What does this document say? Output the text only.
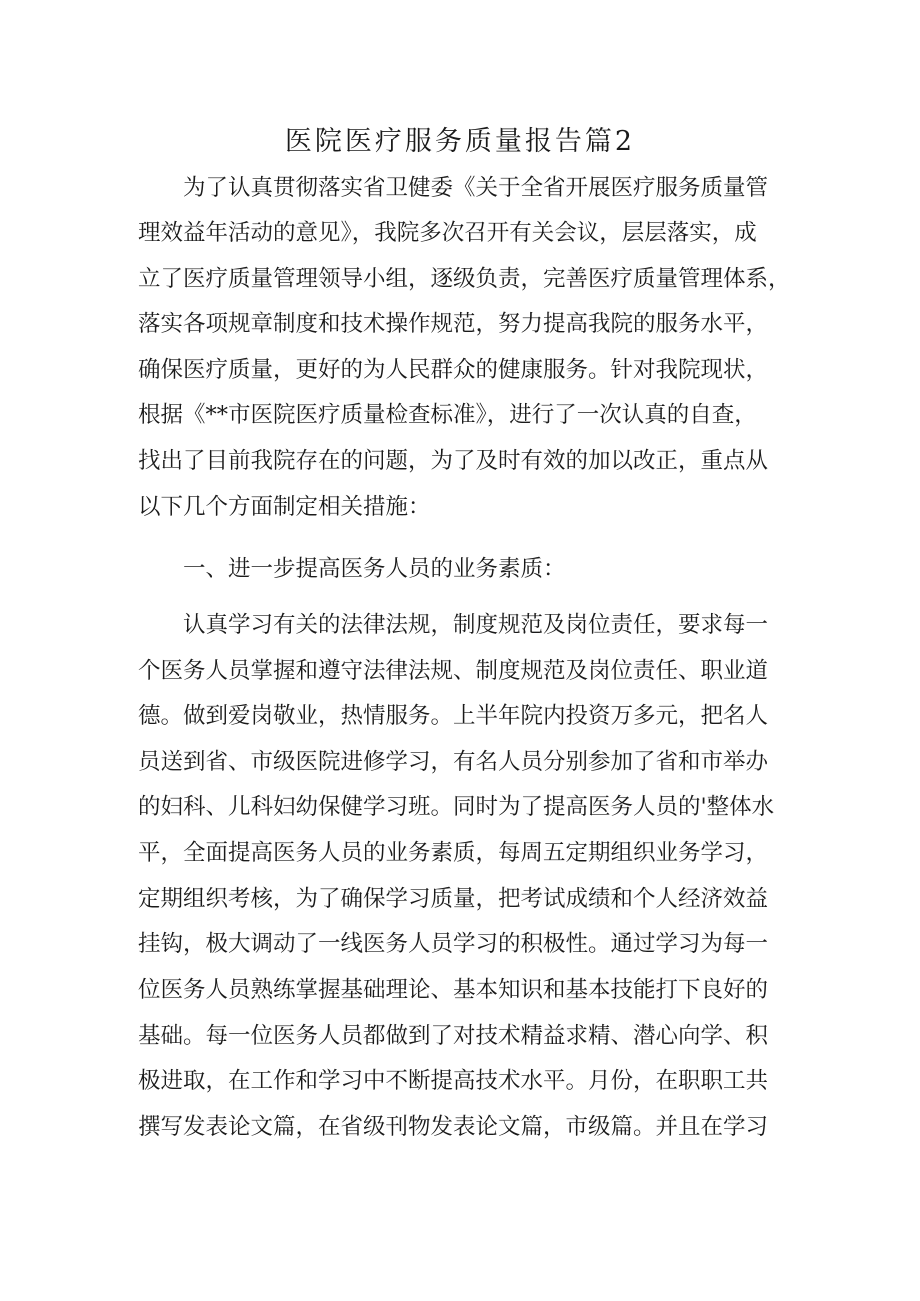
医院医疗服务质量报告篇2
为了认真贯彻落实省卫健委《关于全省开展医疗服务质量管
理效益年活动的意见》，我院多次召开有关会议，层层落实，成
立了医疗质量管理领导小组，逐级负责，完善医疗质量管理体系，
落实各项规章制度和技术操作规范，努力提高我院的服务水平，
确保医疗质量，更好的为人民群众的健康服务。针对我院现状，
根据《**市医院医疗质量检查标准》，进行了一次认真的自查，
找出了目前我院存在的问题，为了及时有效的加以改正，重点从
以下几个方面制定相关措施：
一、进一步提高医务人员的业务素质：
认真学习有关的法律法规，制度规范及岗位责任，要求每一
个医务人员掌握和遵守法律法规、制度规范及岗位责任、职业道
德。做到爱岗敬业，热情服务。上半年院内投资万多元，把名人
员送到省、市级医院进修学习，有名人员分别参加了省和市举办
的妇科、儿科妇幼保健学习班。同时为了提高医务人员的'整体水
平，全面提高医务人员的业务素质，每周五定期组织业务学习，
定期组织考核，为了确保学习质量，把考试成绩和个人经济效益
挂钩，极大调动了一线医务人员学习的积极性。通过学习为每一
位医务人员熟练掌握基础理论、基本知识和基本技能打下良好的
基础。每一位医务人员都做到了对技术精益求精、潜心向学、积
极进取，在工作和学习中不断提高技术水平。月份，在职职工共
撰写发表论文篇，在省级刊物发表论文篇，市级篇。并且在学习
